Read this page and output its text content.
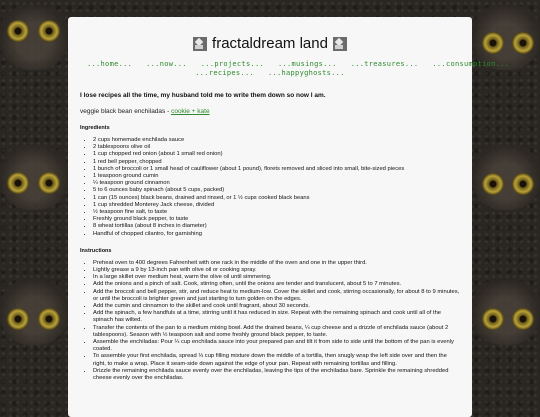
fractaldream land
...home... ...now... ...projects... ...musings... ...treasures... ...consumption...
...recipes... ...happyghosts...
I lose recipes all the time, my husband told me to write them down so now I am.
veggie black bean enchiladas - cookie + kate
Ingredients
• 2 cups homemade enchilada sauce
• 2 tablespoons olive oil
• 1 cup chopped red onion (about 1 small red onion)
• 1 red bell pepper, chopped
• 1 bunch of broccoli or 1 small head of cauliflower (about 1 pound), florets removed and sliced into small, bite-sized pieces
• 1 teaspoon ground cumin
• ¼ teaspoon ground cinnamon
• 5 to 6 ounces baby spinach (about 5 cups, packed)
• 1 can (15 ounces) black beans, drained and rinsed, or 1 ½ cups cooked black beans
• 1 cup shredded Monterey Jack cheese, divided
• ½ teaspoon fine salt, to taste
• Freshly ground black pepper, to taste
• 8 wheat tortillas (about 8 inches in diameter)
• Handful of chopped cilantro, for garnishing
Instructions
• Preheat oven to 400 degrees Fahrenheit with one rack in the middle of the oven and one in the upper third.
• Lightly grease a 9 by 13-inch pan with olive oil or cooking spray.
• In a large skillet over medium heat, warm the olive oil until simmering.
• Add the onions and a pinch of salt. Cook, stirring often, until the onions are tender and translucent, about 5 to 7 minutes.
• Add the broccoli and bell pepper, stir, and reduce heat to medium-low. Cover the skillet and cook, stirring occasionally, for about 8 to 9 minutes, or until the broccoli is brighter green and just starting to turn golden on the edges.
• Add the cumin and cinnamon to the skillet and cook until fragrant, about 30 seconds.
• Add the spinach, a few handfuls at a time, stirring until it has reduced in size. Repeat with the remaining spinach and cook until all of the spinach has wilted.
• Transfer the contents of the pan to a medium mixing bowl. Add the drained beans, ¼ cup cheese and a drizzle of enchilada sauce (about 2 tablespoons). Season with ½ teaspoon salt and some freshly ground black pepper, to taste.
• Assemble the enchiladas: Pour ¼ cup enchilada sauce into your prepared pan and tilt it from side to side until the bottom of the pan is evenly coated.
• To assemble your first enchilada, spread ⅓ cup filling mixture down the middle of a tortilla, then snugly wrap the left side over and then the right, to make a wrap. Place it seam-side down against the edge of your pan. Repeat with remaining tortillas and filling.
• Drizzle the remaining enchilada sauce evenly over the enchiladas, leaving the tips of the enchiladas bare. Sprinkle the remaining shredded cheese evenly over the enchiladas.
